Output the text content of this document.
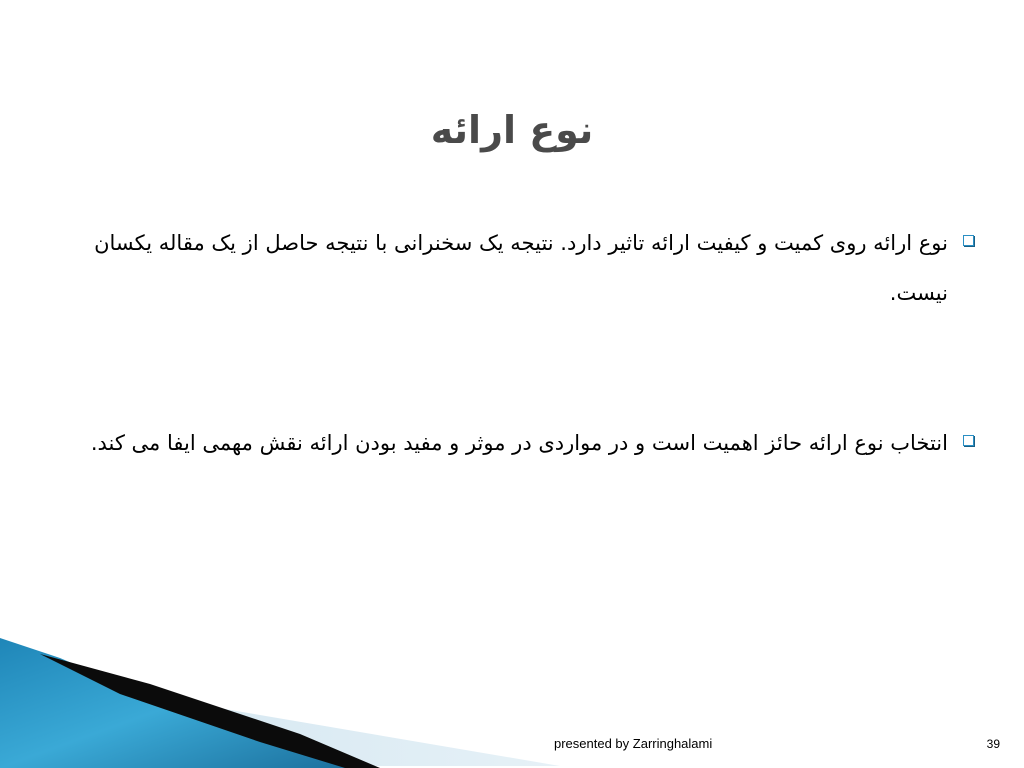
نوع ارائه
نوع ارائه روی کمیت و کیفیت ارائه تاثیر دارد. نتیجه یک سخنرانی با نتیجه حاصل از یک مقاله یکسان نیست.
انتخاب نوع ارائه حائز اهمیت است و در مواردی در موثر و مفید بودن ارائه نقش مهمی ایفا می کند.
presented by Zarringhalami	39
